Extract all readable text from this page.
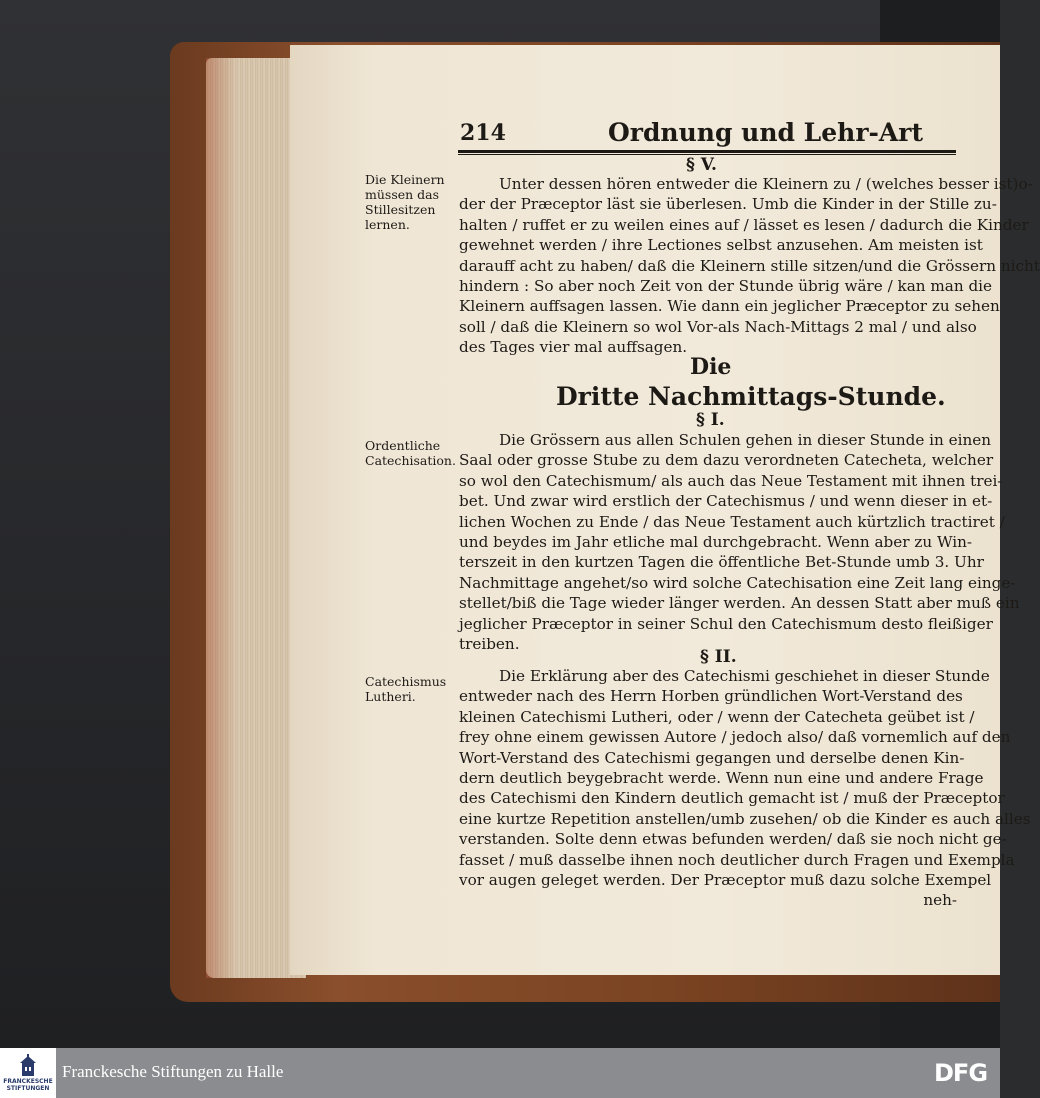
214	Ordnung und Lehr-Art
§ V.
Die Kleinern
müssen das
Stillesitzen
lernen.
Unter dessen hören entweder die Kleinern zu / (welches besser ist)o-
der der Præceptor läst sie überlesen. Umb die Kinder in der Stille zu-
halten / ruffet er zu weilen eines auf / lässet es lesen / dadurch die Kinder
gewehnet werden / ihre Lectiones selbst anzusehen. Am meisten ist
darauff acht zu haben/ daß die Kleinern stille sitzen/und die Grössern nicht
hindern : So aber noch Zeit von der Stunde übrig wäre / kan man die
Kleinern auffsagen lassen. Wie dann ein jeglicher Præceptor zu sehen
soll / daß die Kleinern so wol Vor-als Nach-Mittags 2 mal / und also
des Tages vier mal auffsagen.
Die
Dritte Nachmittags-Stunde.
§ I.
Ordentliche
Catechisation.
Die Grössern aus allen Schulen gehen in dieser Stunde in einen
Saal oder grosse Stube zu dem dazu verordneten Catecheta, welcher
so wol den Catechismum/ als auch das Neue Testament mit ihnen trei-
bet. Und zwar wird erstlich der Catechismus / und wenn dieser in et-
lichen Wochen zu Ende / das Neue Testament auch kürtzlich tractiret /
und beydes im Jahr etliche mal durchgebracht. Wenn aber zu Win-
terszeit in den kurtzen Tagen die öffentliche Bet-Stunde umb 3. Uhr
Nachmittage angehet/so wird solche Catechisation eine Zeit lang einge-
stellet/biß die Tage wieder länger werden. An dessen Statt aber muß ein
jeglicher Præceptor in seiner Schul den Catechismum desto fleißiger
treiben.
§ II.
Catechismus
Lutheri.
Die Erklärung aber des Catechismi geschiehet in dieser Stunde
entweder nach des Herrn Horben gründlichen Wort-Verstand des
kleinen Catechismi Lutheri, oder / wenn der Catecheta geübet ist /
frey ohne einem gewissen Autore / jedoch also/ daß vornemlich auf den
Wort-Verstand des Catechismi gegangen und derselbe denen Kin-
dern deutlich beygebracht werde. Wenn nun eine und andere Frage
des Catechismi den Kindern deutlich gemacht ist / muß der Præceptor
eine kurtze Repetition anstellen/umb zusehen/ ob die Kinder es auch alles
verstanden. Solte denn etwas befunden werden/ daß sie noch nicht ge-
fasset / muß dasselbe ihnen noch deutlicher durch Fragen und Exempla
vor augen geleget werden. Der Præceptor muß dazu solche Exempel
neh-
FRANCKESCHE
STIFTUNGEN
Franckesche Stiftungen zu Halle	DFG
